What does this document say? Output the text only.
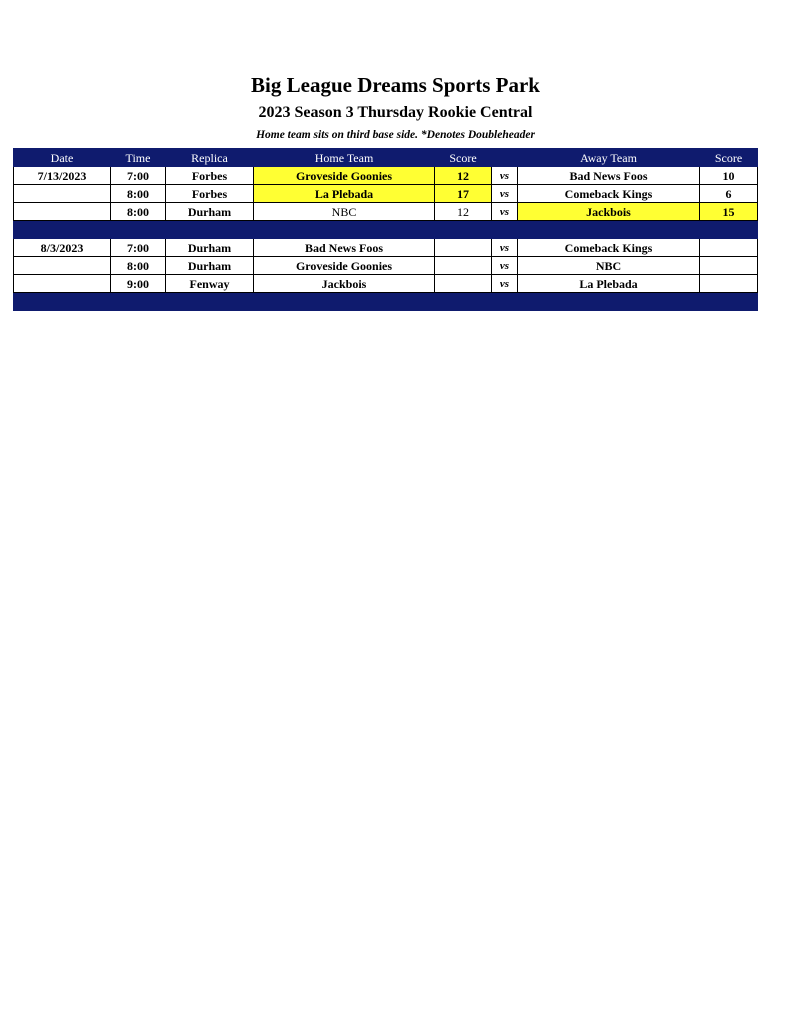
Big League Dreams Sports Park
2023 Season 3 Thursday Rookie Central
Home team sits on third base side. *Denotes Doubleheader
Date	Time	Replica	Home Team	Score		Away Team	Score
7/13/2023	7:00	Forbes	Groveside Goonies	12	vs	Bad News Foos	10
	8:00	Forbes	La Plebada	17	vs	Comeback Kings	6
	8:00	Durham	NBC	12	vs	Jackbois	15

8/3/2023	7:00	Durham	Bad News Foos		vs	Comeback Kings	
	8:00	Durham	Groveside Goonies		vs	NBC	
	9:00	Fenway	Jackbois		vs	La Plebada	
